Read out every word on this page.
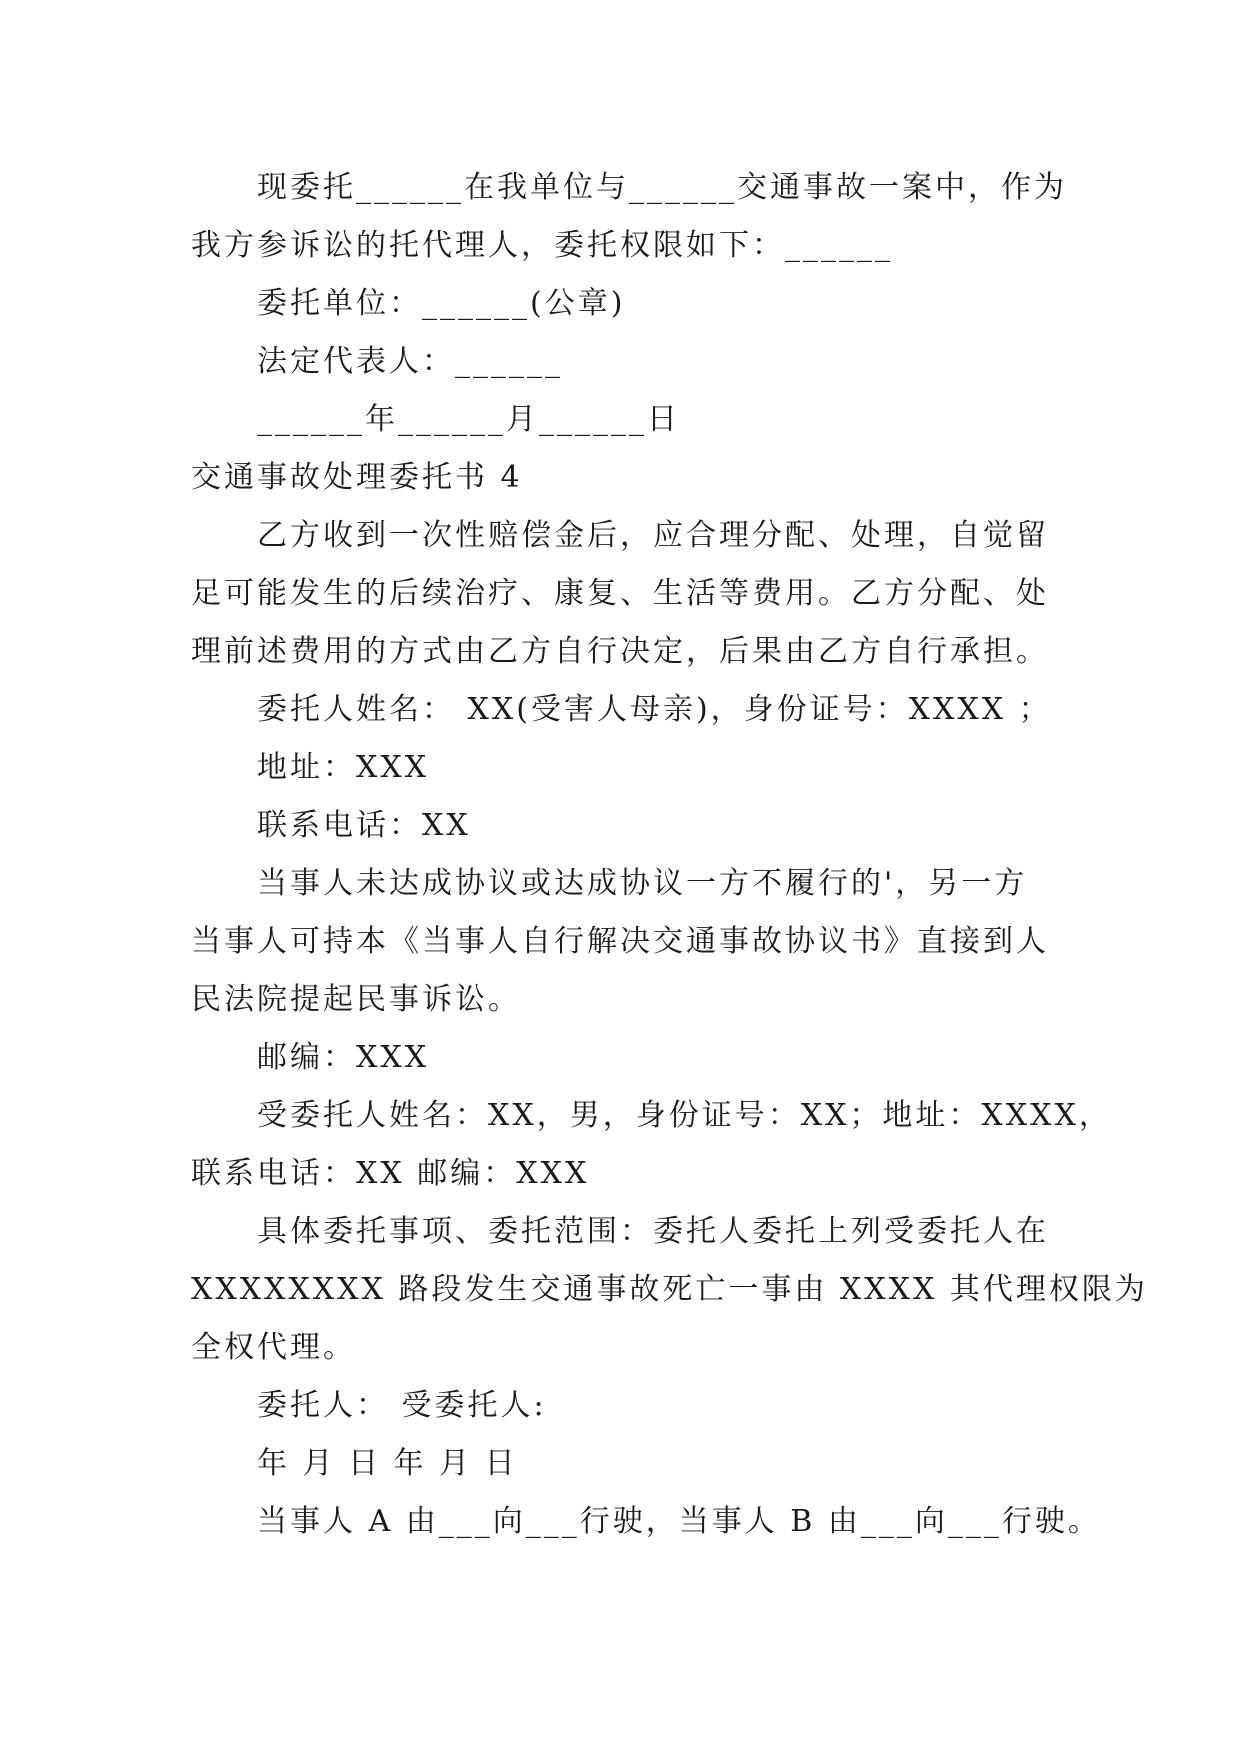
现委托______在我单位与______交通事故一案中，作为
我方参诉讼的托代理人，委托权限如下：______
委托单位：______(公章)
法定代表人：______
______年______月______日
交通事故处理委托书 4
乙方收到一次性赔偿金后，应合理分配、处理，自觉留
足可能发生的后续治疗、康复、生活等费用。乙方分配、处
理前述费用的方式由乙方自行决定，后果由乙方自行承担。
委托人姓名： XX(受害人母亲)，身份证号：XXXX ；
地址：XXX
联系电话：XX
当事人未达成协议或达成协议一方不履行的'，另一方
当事人可持本《当事人自行解决交通事故协议书》直接到人
民法院提起民事诉讼。
邮编：XXX
受委托人姓名：XX，男，身份证号：XX；地址：XXXX，
联系电话：XX 邮编：XXX
具体委托事项、委托范围：委托人委托上列受委托人在
XXXXXXXX 路段发生交通事故死亡一事由 XXXX 其代理权限为
全权代理。
委托人： 受委托人:
年 月 日 年 月 日
当事人 A 由___向___行驶，当事人 B 由___向___行驶。
